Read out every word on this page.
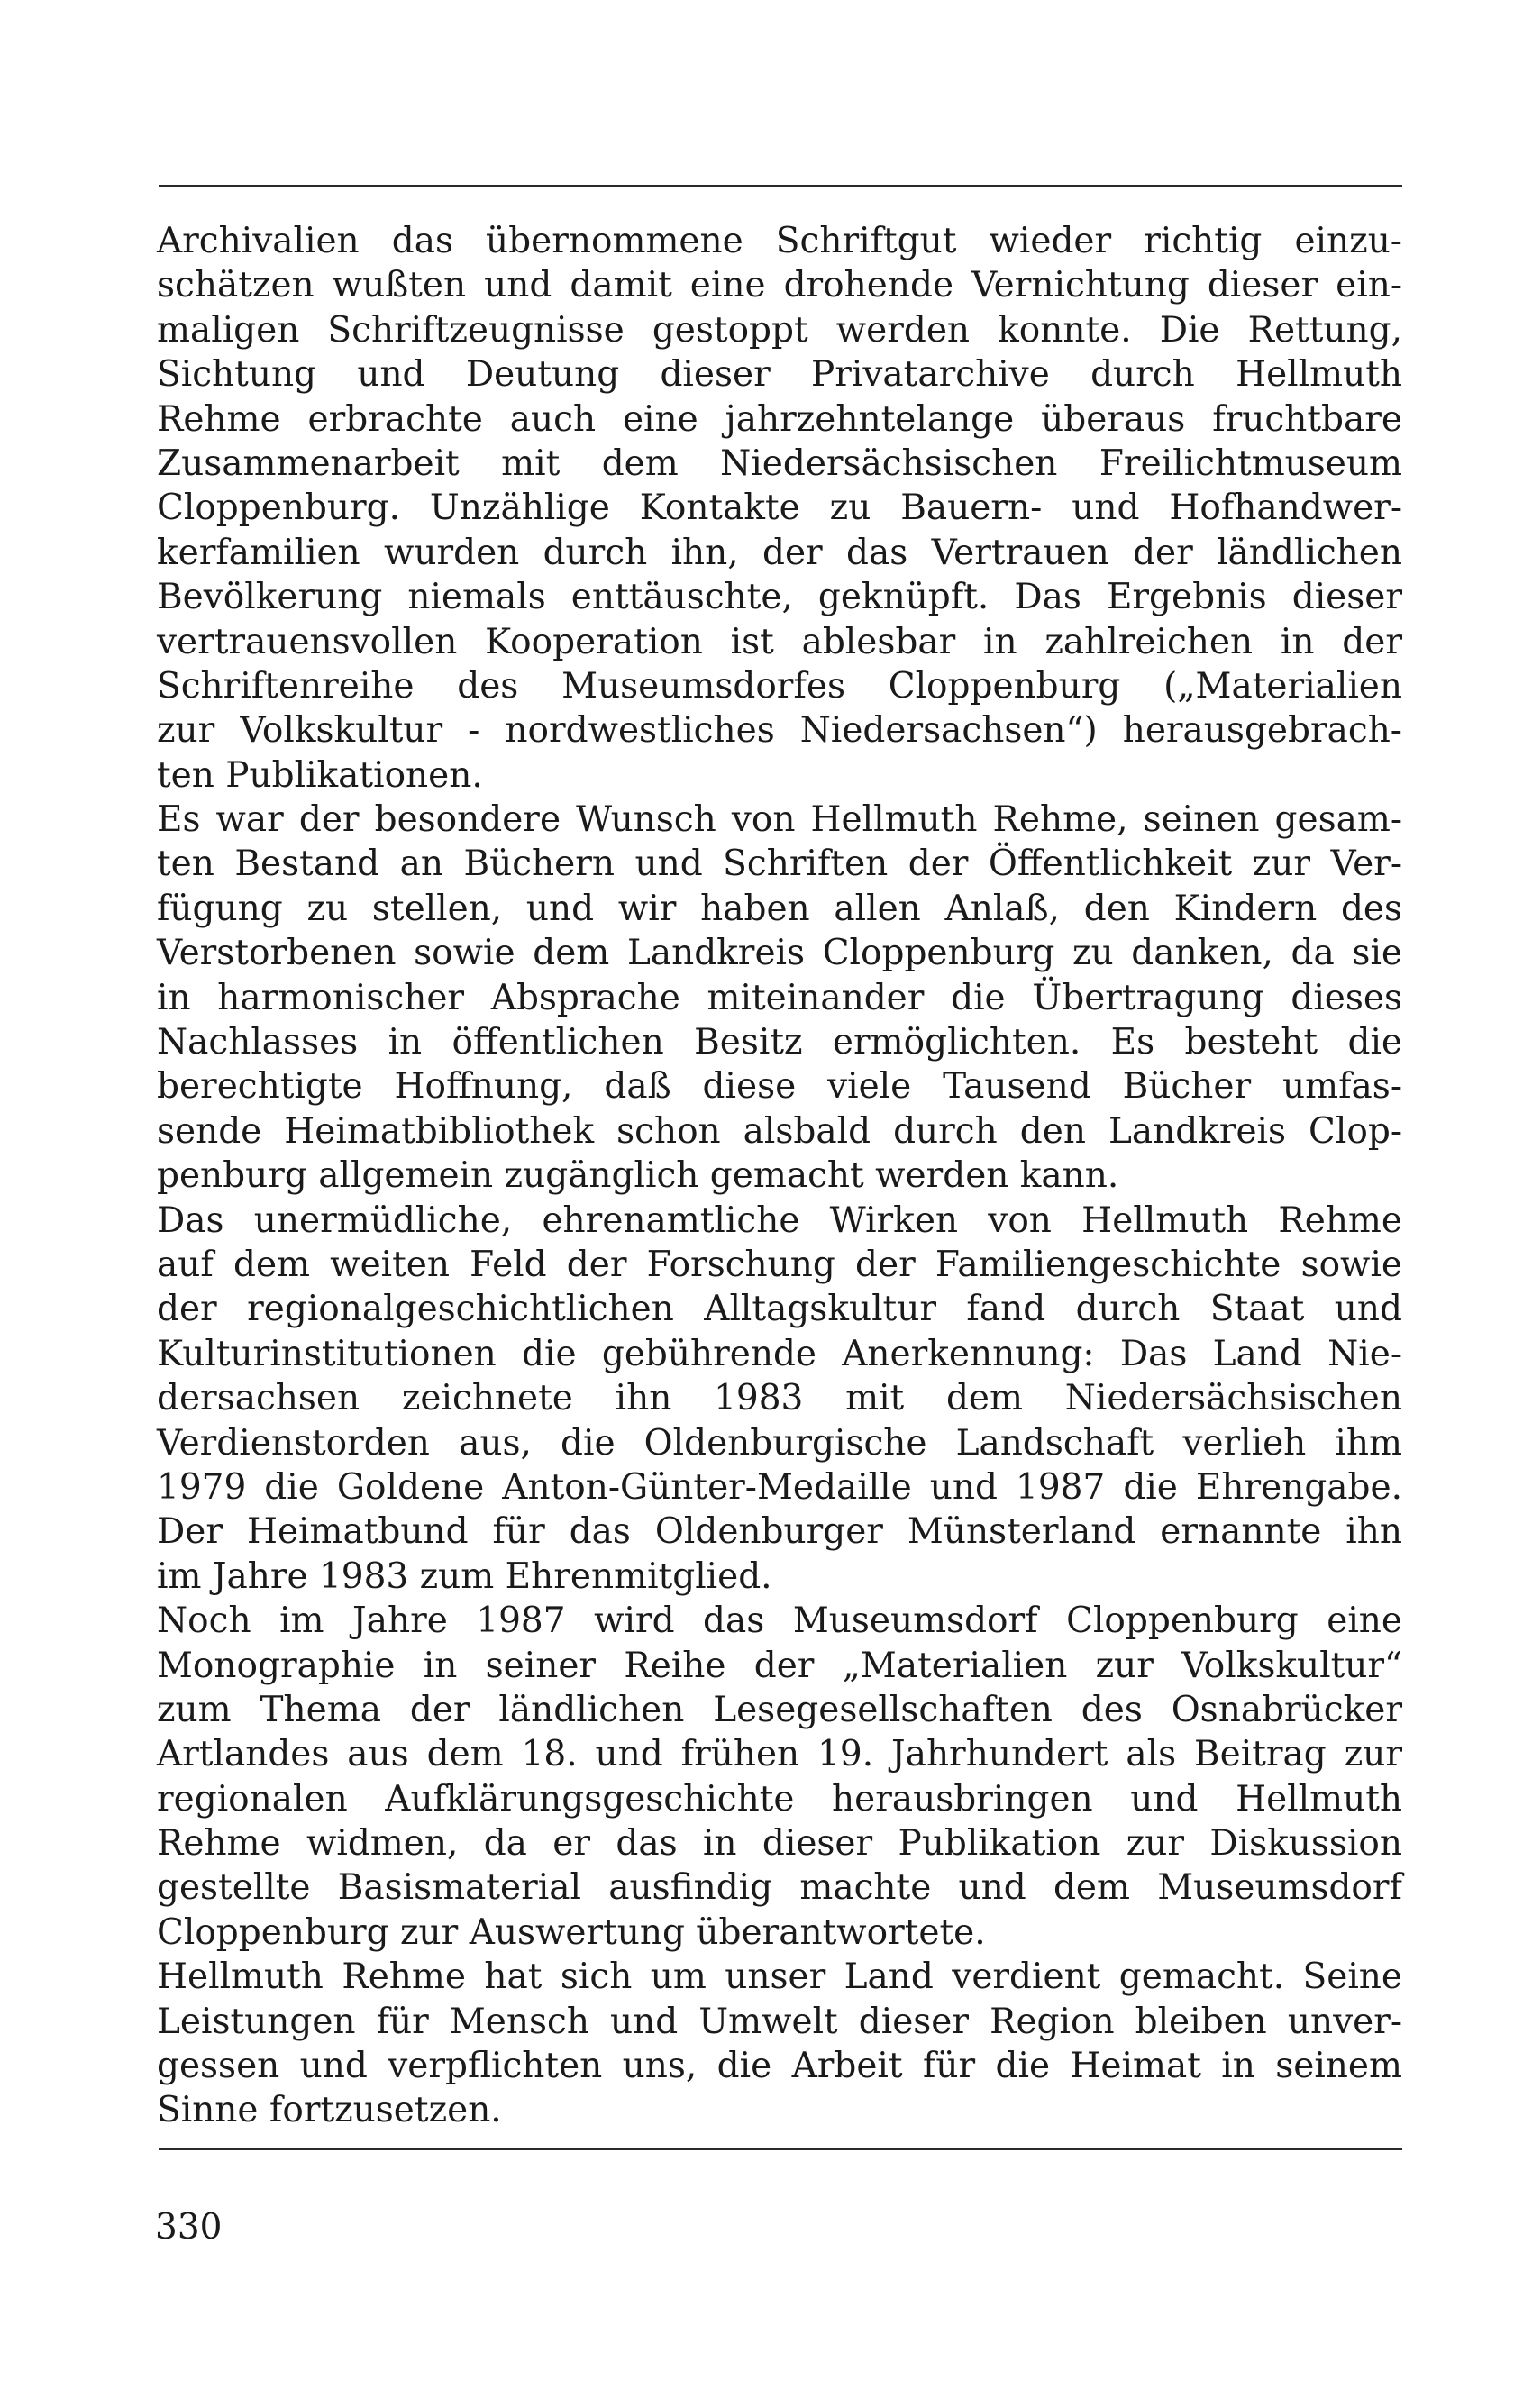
Archivalien das übernommene Schriftgut wieder richtig einzu-
schätzen wußten und damit eine drohende Vernichtung dieser ein-
maligen Schriftzeugnisse gestoppt werden konnte. Die Rettung,
Sichtung und Deutung dieser Privatarchive durch Hellmuth
Rehme erbrachte auch eine jahrzehntelange überaus fruchtbare
Zusammenarbeit mit dem Niedersächsischen Freilichtmuseum
Cloppenburg. Unzählige Kontakte zu Bauern- und Hofhandwer-
kerfamilien wurden durch ihn, der das Vertrauen der ländlichen
Bevölkerung niemals enttäuschte, geknüpft. Das Ergebnis dieser
vertrauensvollen Kooperation ist ablesbar in zahlreichen in der
Schriftenreihe des Museumsdorfes Cloppenburg („Materialien
zur Volkskultur - nordwestliches Niedersachsen“) herausgebrach-
ten Publikationen.
Es war der besondere Wunsch von Hellmuth Rehme, seinen gesam-
ten Bestand an Büchern und Schriften der Öffentlichkeit zur Ver-
fügung zu stellen, und wir haben allen Anlaß, den Kindern des
Verstorbenen sowie dem Landkreis Cloppenburg zu danken, da sie
in harmonischer Absprache miteinander die Übertragung dieses
Nachlasses in öffentlichen Besitz ermöglichten. Es besteht die
berechtigte Hoffnung, daß diese viele Tausend Bücher umfas-
sende Heimatbibliothek schon alsbald durch den Landkreis Clop-
penburg allgemein zugänglich gemacht werden kann.
Das unermüdliche, ehrenamtliche Wirken von Hellmuth Rehme
auf dem weiten Feld der Forschung der Familiengeschichte sowie
der regionalgeschichtlichen Alltagskultur fand durch Staat und
Kulturinstitutionen die gebührende Anerkennung: Das Land Nie-
dersachsen zeichnete ihn 1983 mit dem Niedersächsischen
Verdienstorden aus, die Oldenburgische Landschaft verlieh ihm
1979 die Goldene Anton-Günter-Medaille und 1987 die Ehrengabe.
Der Heimatbund für das Oldenburger Münsterland ernannte ihn
im Jahre 1983 zum Ehrenmitglied.
Noch im Jahre 1987 wird das Museumsdorf Cloppenburg eine
Monographie in seiner Reihe der „Materialien zur Volkskultur“
zum Thema der ländlichen Lesegesellschaften des Osnabrücker
Artlandes aus dem 18. und frühen 19. Jahrhundert als Beitrag zur
regionalen Aufklärungsgeschichte herausbringen und Hellmuth
Rehme widmen, da er das in dieser Publikation zur Diskussion
gestellte Basismaterial ausfindig machte und dem Museumsdorf
Cloppenburg zur Auswertung überantwortete.
Hellmuth Rehme hat sich um unser Land verdient gemacht. Seine
Leistungen für Mensch und Umwelt dieser Region bleiben unver-
gessen und verpflichten uns, die Arbeit für die Heimat in seinem
Sinne fortzusetzen.
330
